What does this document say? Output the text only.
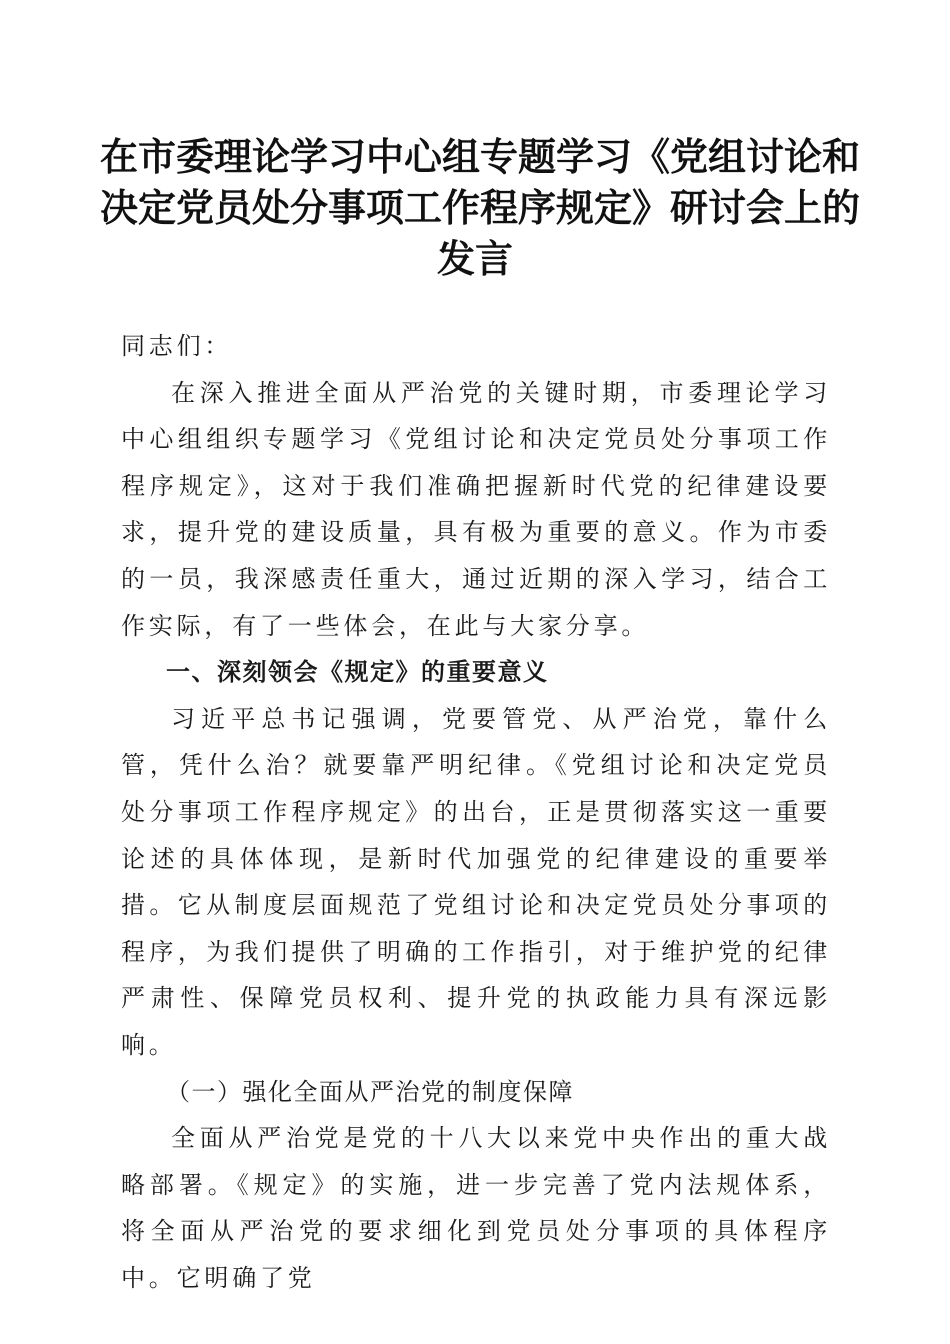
在市委理论学习中心组专题学习《党组讨论和
决定党员处分事项工作程序规定》研讨会上的
发言

同志们：

在深入推进全面从严治党的关键时期，市委理论学习中心组组织专题学习《党组讨论和决定党员处分事项工作程序规定》，这对于我们准确把握新时代党的纪律建设要求，提升党的建设质量，具有极为重要的意义。作为市委的一员，我深感责任重大，通过近期的深入学习，结合工作实际，有了一些体会，在此与大家分享。

一、深刻领会《规定》的重要意义

习近平总书记强调，党要管党、从严治党，靠什么管，凭什么治？就要靠严明纪律。《党组讨论和决定党员处分事项工作程序规定》的出台，正是贯彻落实这一重要论述的具体体现，是新时代加强党的纪律建设的重要举措。它从制度层面规范了党组讨论和决定党员处分事项的程序，为我们提供了明确的工作指引，对于维护党的纪律严肃性、保障党员权利、提升党的执政能力具有深远影响。

（一）强化全面从严治党的制度保障

全面从严治党是党的十八大以来党中央作出的重大战略部署。《规定》的实施，进一步完善了党内法规体系，将全面从严治党的要求细化到党员处分事项的具体程序中。它明确了党
